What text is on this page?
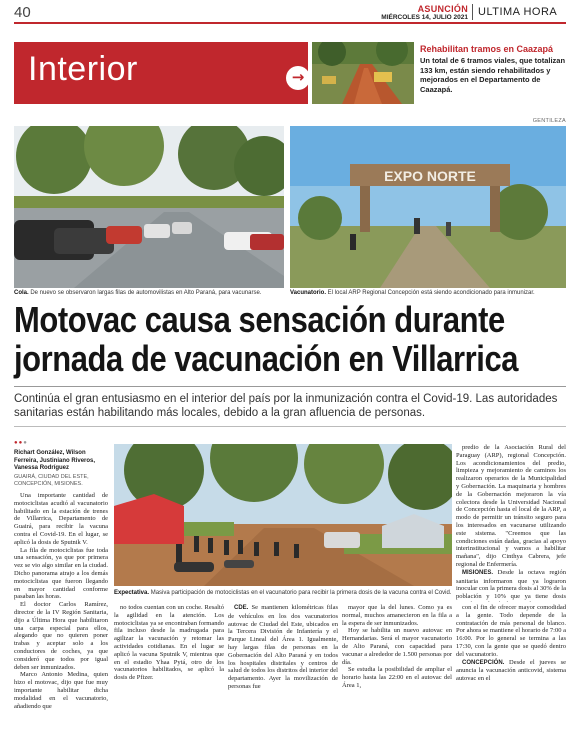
40	ASUNCIÓN
MIÉRCOLES 14, JULIO 2021 ULTIMA HORA
Interior	→
Rehabilitan tramos en Caazapá
Un total de 6 tramos viales, que totalizan 133 km, están siendo rehabilitados y mejorados en el Departamento de Caazapá.
GENTILEZA
Cola. De nuevo se observaron largas filas de automovilistas en Alto Paraná, para vacunarse.
EXPO NORTE
Vacunatorio. El local ARP Regional Concepción está siendo acondicionado para inmunizar.
Motovac causa sensación durante jornada de vacunación en Villarrica
Continúa el gran entusiasmo en el interior del país por la inmunización contra el Covid-19. Las autoridades sanitarias están habilitando más locales, debido a la gran afluencia de personas.
●●●
Richart González, Wilson Ferreira, Justiniano Riveros, Vanessa Rodríguez
GUAIRÁ, CIUDAD DEL ESTE, CONCEPCIÓN, MISIONES.

Una importante cantidad de motociclistas acudió al vacunatorio habilitado en la estación de trenes de Villarrica, Departamento de Guairá, para recibir la vacuna contra el Covid-19. En el lugar, se aplicó la dosis de Sputnik V.

La fila de motociclistas fue toda una sensación, ya que por primera vez se vio algo similar en la ciudad. Dicho panorama atrajo a los demás motociclistas que fueron llegando en mayor cantidad conforme pasaban las horas.

El doctor Carlos Ramírez, director de la IV Región Sanitaria, dijo a Última Hora que habilitaron una carpa especial para ellos, alegando que no quieren poner trabas y aceptar solo a los conductores de coches, ya que consideró que todos por igual deben ser inmunizados.

Marco Antonio Medina, quien hizo el motovac, dijo que fue muy importante habilitar dicha modalidad en el vacunatorio, añadiendo que

Expectativa. Masiva participación de motociclistas en el vacunatorio para recibir la primera dosis de la vacuna contra el Covid.

predio de la Asociación Rural del Paraguay (ARP), regional Concepción. Los acondicionamientos del predio, limpieza y mejoramiento de caminos los realizaron operarios de la Municipalidad y Gobernación. La maquinaria y hombres de la Gobernación mejoraron la vía colectora desde la Universidad Nacional de Concepción hasta el local de la ARP, a modo de permitir un tránsito seguro para los interesados en vacunarse utilizando este sistema. "Creemos que las condiciones están dadas, gracias al apoyo interinstitucional y vamos a habilitar mañana", dijo Cinthya Cabrera, jefe regional de Enfermería.

MISIONES. Desde la octava región sanitaria informaron que ya lograron inocular con la primera dosis al 30% de la población y 10% que ya tiene dosis

no todos cuentan con un coche. Resaltó la agilidad en la atención. Los motociclistas ya se encontraban formando fila incluso desde la madrugada para agilizar la vacunación y retomar las actividades cotidianas. En el lugar se aplicó la vacuna Sputnik V, mientras que en el estadio Yhaa Pytá, otro de los vacunatorios habilitados, se aplicó la dosis de Pfizer.

CDE. Se mantienen kilométricas filas de vehículos en los dos vacunatorios autovac de Ciudad del Este, ubicados en la Tercera División de Infantería y el Parque Lineal del Área 1. Igualmente, hay largas filas de personas en la Gobernación del Alto Paraná y en todos los hospitales distritales y centros de salud de todos los distritos del interior del departamento. Ayer la movilización de personas fue

mayor que la del lunes. Como ya es normal, muchos amanecieron en la fila a la espera de ser inmunizados.

Hoy se habilita un nuevo autovac en Hernandarias. Será el mayor vacunatorio de Alto Paraná, con capacidad para vacunar a alrededor de 1.500 personas por día.

Se estudia la posibilidad de ampliar el horario hasta las 22:00 en el autovac del Área 1,

con el fin de ofrecer mayor comodidad a la gente. Todo depende de la contratación de más personal de blanco. Por ahora se mantiene el horario de 7:00 a 16:00. Por lo general se termina a las 17:30, con la gente que se quedó dentro del vacunatorio.

CONCEPCIÓN. Desde el jueves se anuncia la vacunación anticovid, sistema autovac en el
